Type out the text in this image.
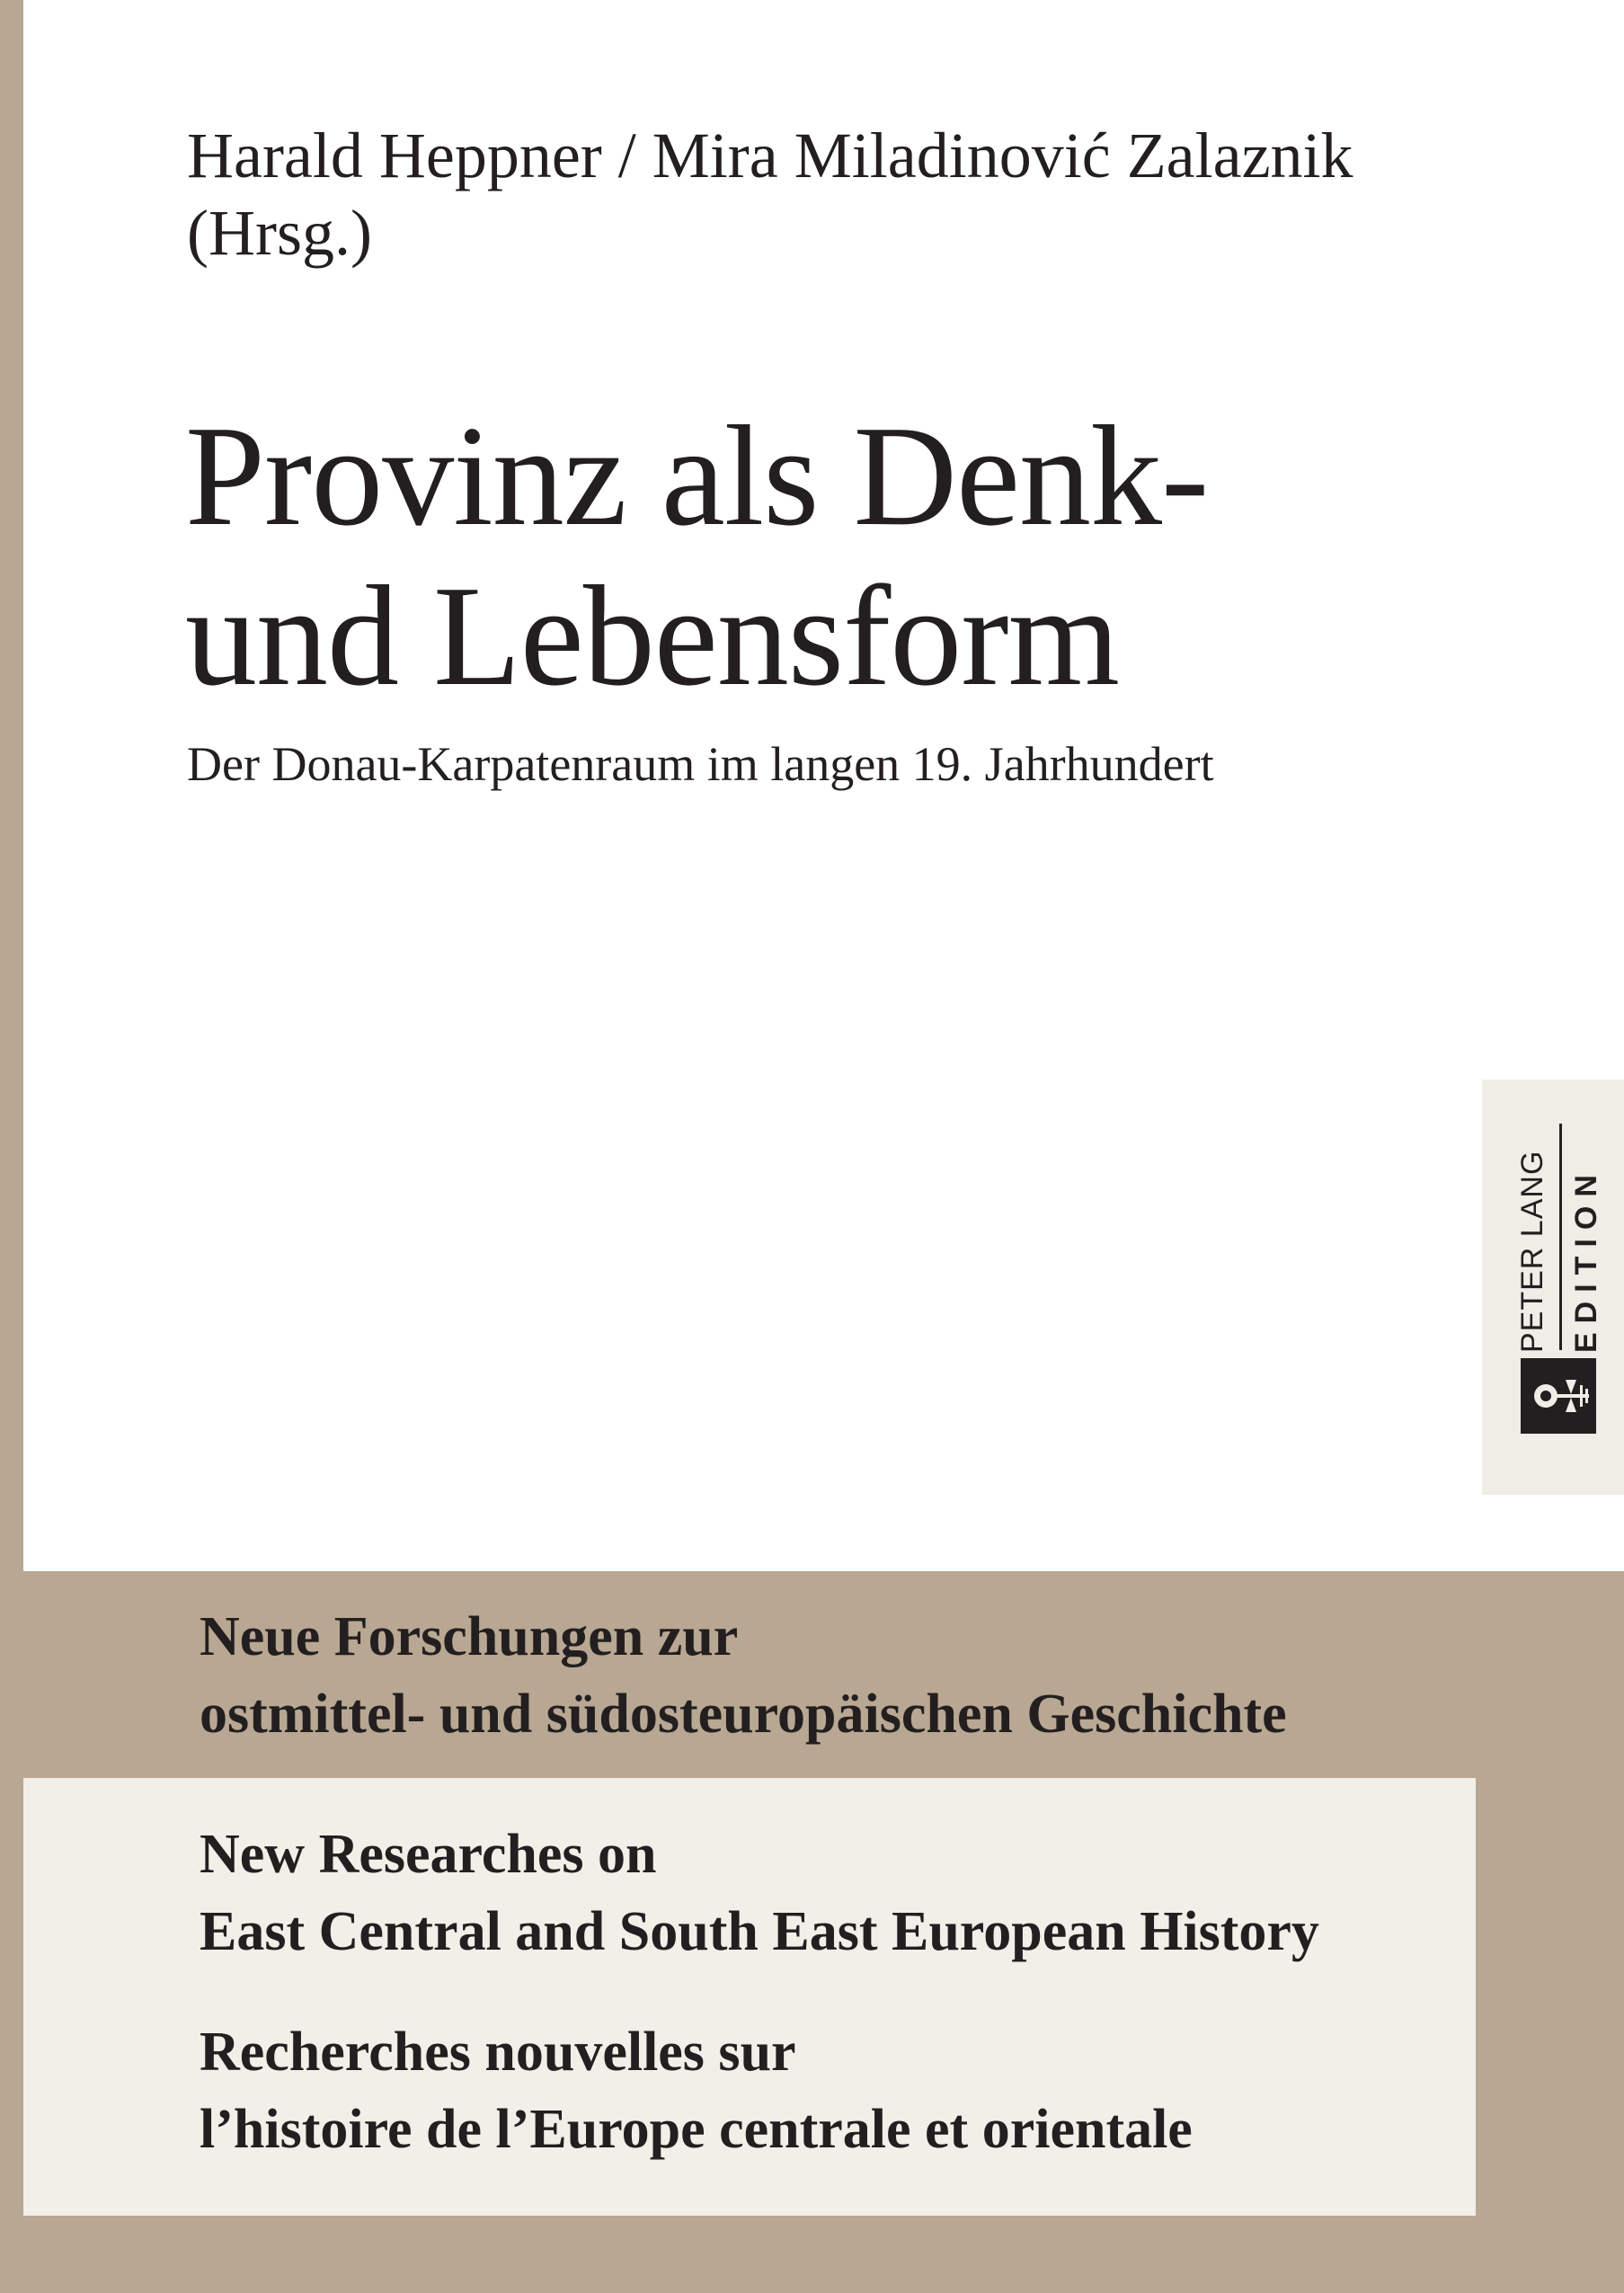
Harald Heppner / Mira Miladinović Zalaznik
(Hrsg.)
Provinz als Denk-
und Lebensform
Der Donau-Karpatenraum im langen 19. Jahrhundert
PETER LANG EDITION
Neue Forschungen zur
ostmittel- und südosteuropäischen Geschichte
New Researches on
East Central and South East European History
Recherches nouvelles sur
l’histoire de l’Europe centrale et orientale
